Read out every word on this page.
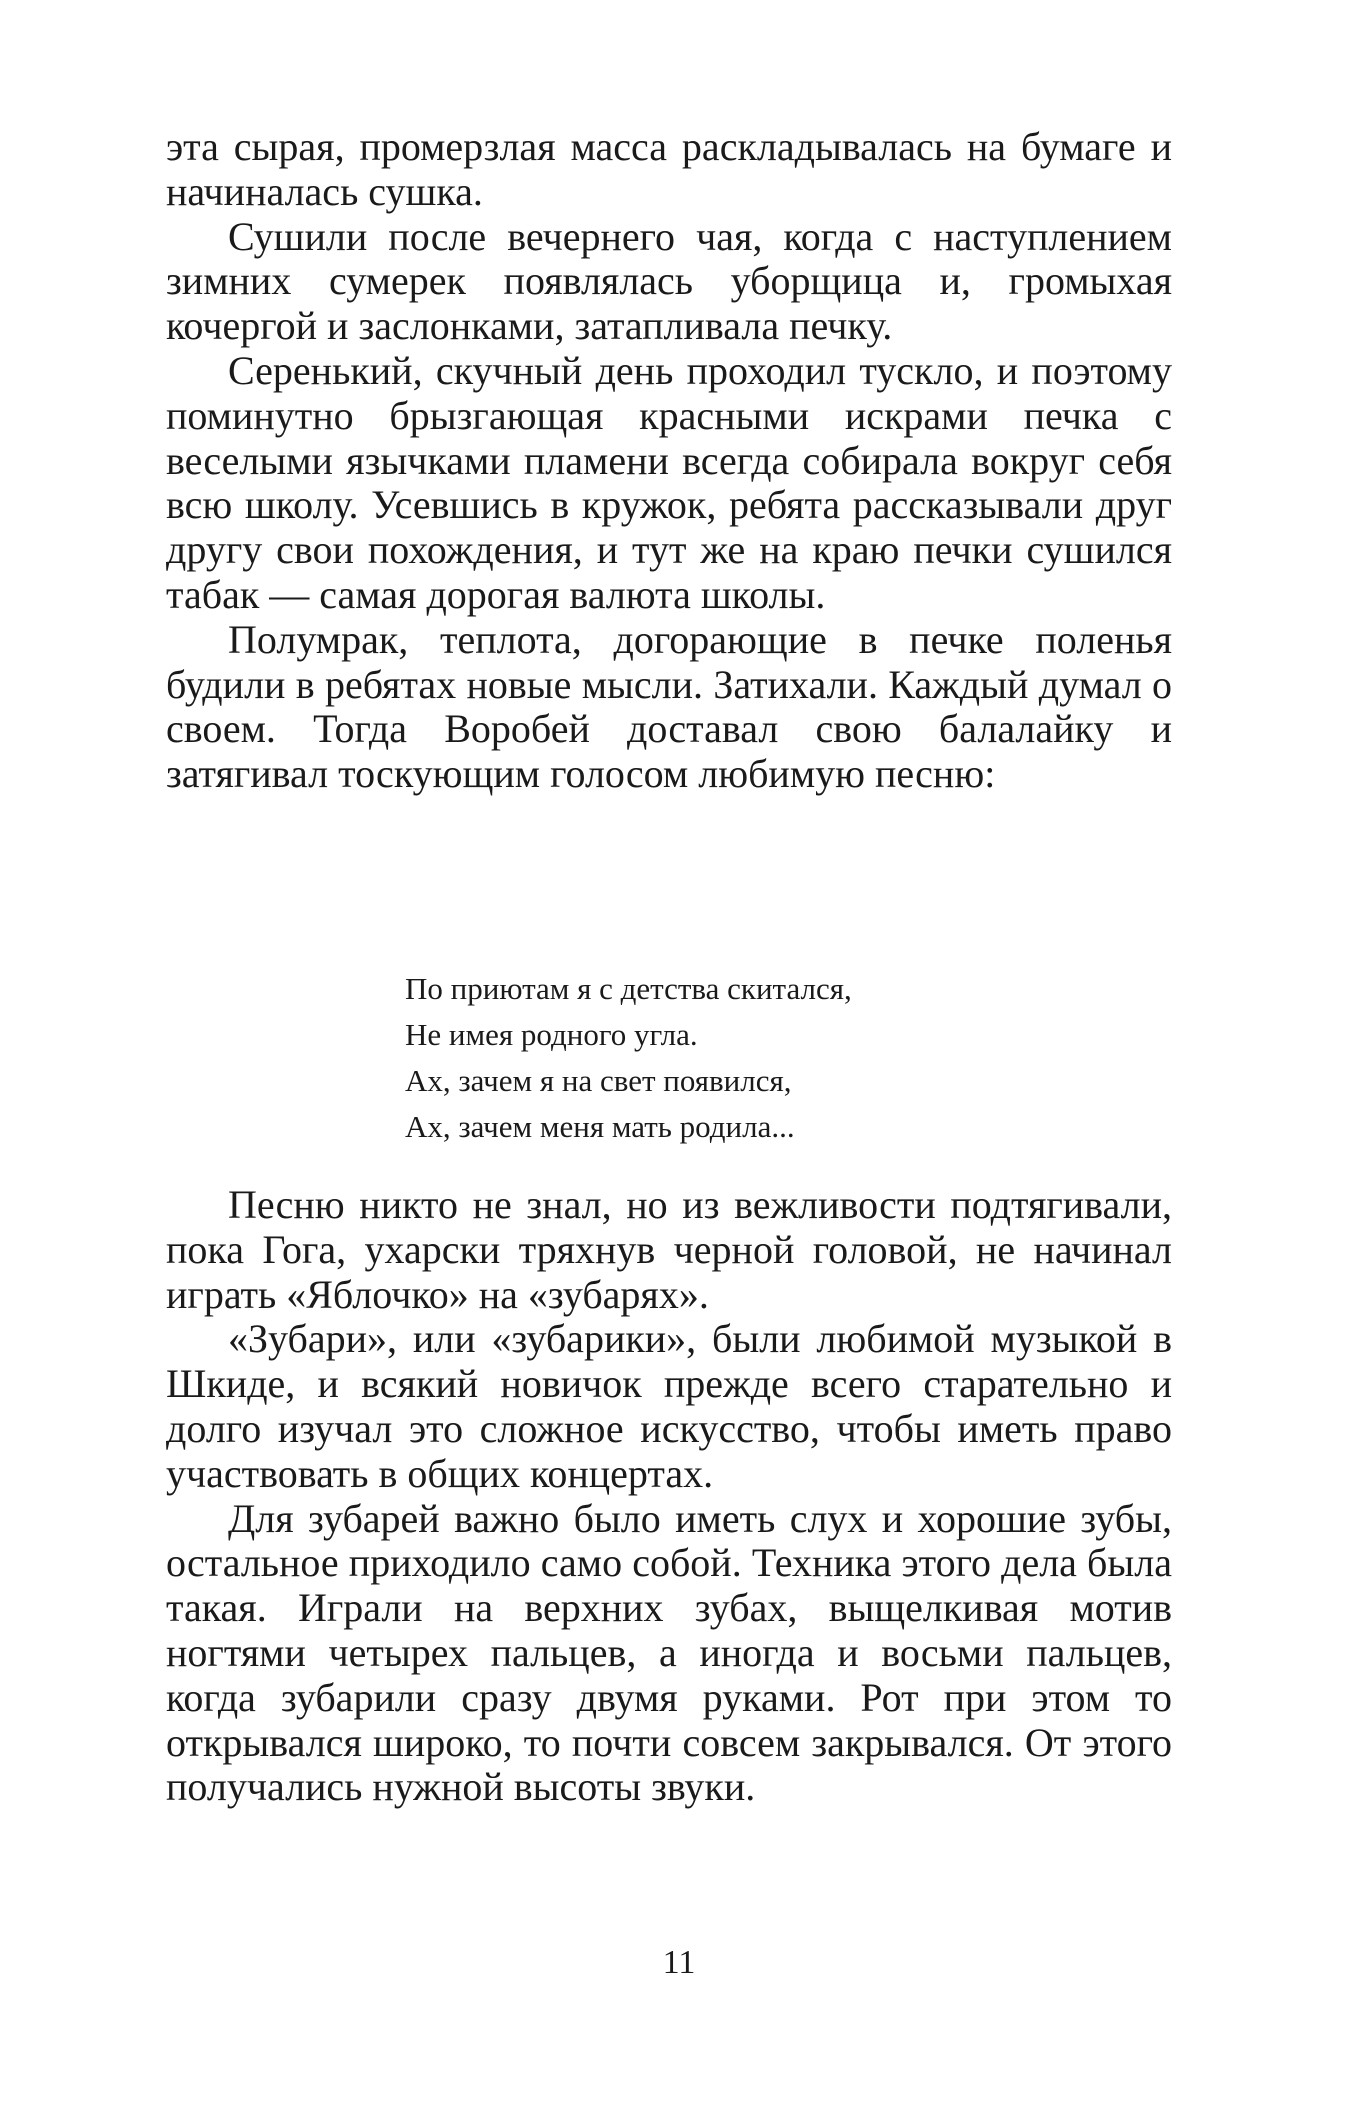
эта сырая, промерзлая масса раскладывалась на бумаге и начиналась сушка.

Сушили после вечернего чая, когда с наступлением зимних сумерек появлялась уборщица и, громыхая кочергой и заслонками, затапливала печку.

Серенький, скучный день проходил тускло, и поэтому поминутно брызгающая красными искрами печка с веселыми язычками пламени всегда собирала вокруг себя всю школу. Усевшись в кружок, ребята рассказывали друг другу свои похождения, и тут же на краю печки сушился табак — самая дорогая валюта школы.

Полумрак, теплота, догорающие в печке поленья будили в ребятах новые мысли. Затихали. Каждый думал о своем. Тогда Воробей доставал свою балалайку и затягивал тоскующим голосом любимую песню:

По приютам я с детства скитался,
Не имея родного угла.
Ах, зачем я на свет появился,
Ах, зачем меня мать родила...

Песню никто не знал, но из вежливости подтягивали, пока Гога, ухарски тряхнув черной головой, не начинал играть «Яблочко» на «зубарях».

«Зубари», или «зубарики», были любимой музыкой в Шкиде, и всякий новичок прежде всего старательно и долго изучал это сложное искусство, чтобы иметь право участвовать в общих концертах.

Для зубарей важно было иметь слух и хорошие зубы, остальное приходило само собой. Техника этого дела была такая. Играли на верхних зубах, выщелкивая мотив ногтями четырех пальцев, а иногда и восьми пальцев, когда зубарили сразу двумя руками. Рот при этом то открывался широко, то почти совсем закрывался. От этого получались нужной высоты звуки.

11
